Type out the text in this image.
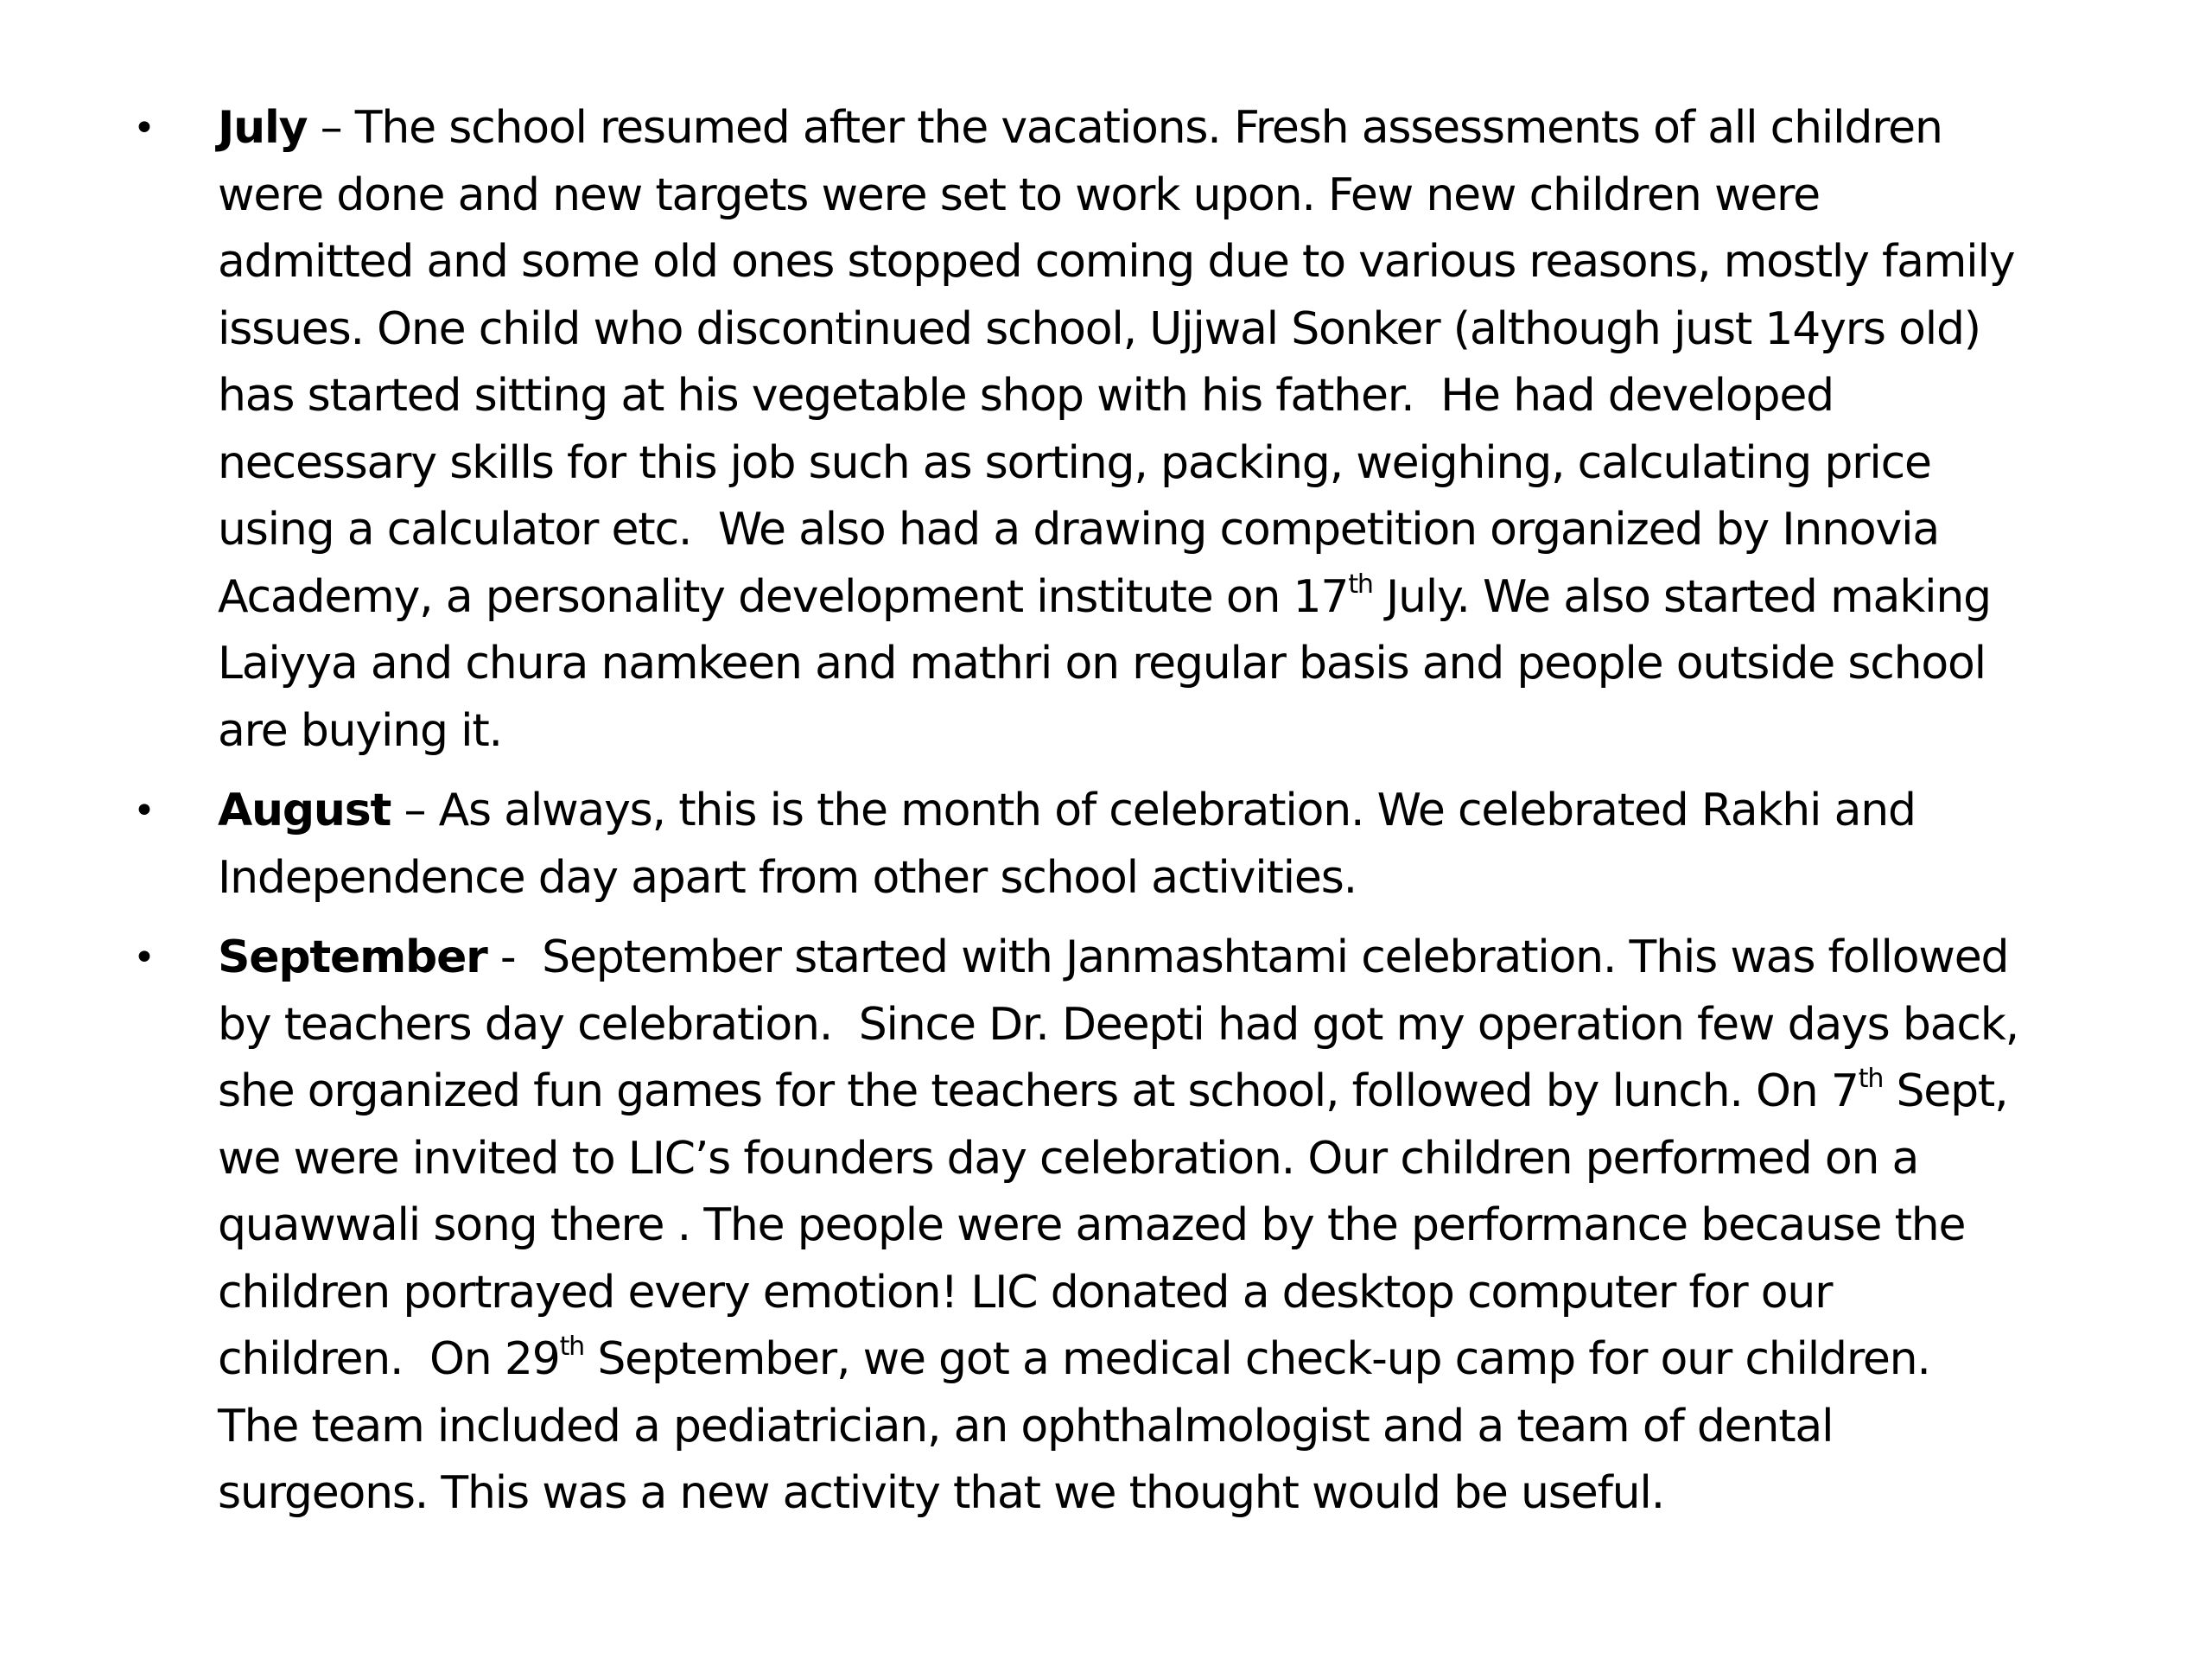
• July – The school resumed after the vacations. Fresh assessments of all children
were done and new targets were set to work upon. Few new children were
admitted and some old ones stopped coming due to various reasons, mostly family
issues. One child who discontinued school, Ujjwal Sonker (although just 14yrs old)
has started sitting at his vegetable shop with his father.  He had developed
necessary skills for this job such as sorting, packing, weighing, calculating price
using a calculator etc.  We also had a drawing competition organized by Innovia
Academy, a personality development institute on 17th July. We also started making
Laiyya and chura namkeen and mathri on regular basis and people outside school
are buying it.
• August – As always, this is the month of celebration. We celebrated Rakhi and
Independence day apart from other school activities.
• September -  September started with Janmashtami celebration. This was followed
by teachers day celebration.  Since Dr. Deepti had got my operation few days back,
she organized fun games for the teachers at school, followed by lunch. On 7th Sept,
we were invited to LIC’s founders day celebration. Our children performed on a
quawwali song there . The people were amazed by the performance because the
children portrayed every emotion! LIC donated a desktop computer for our
children.  On 29th September, we got a medical check-up camp for our children.
The team included a pediatrician, an ophthalmologist and a team of dental
surgeons. This was a new activity that we thought would be useful.
